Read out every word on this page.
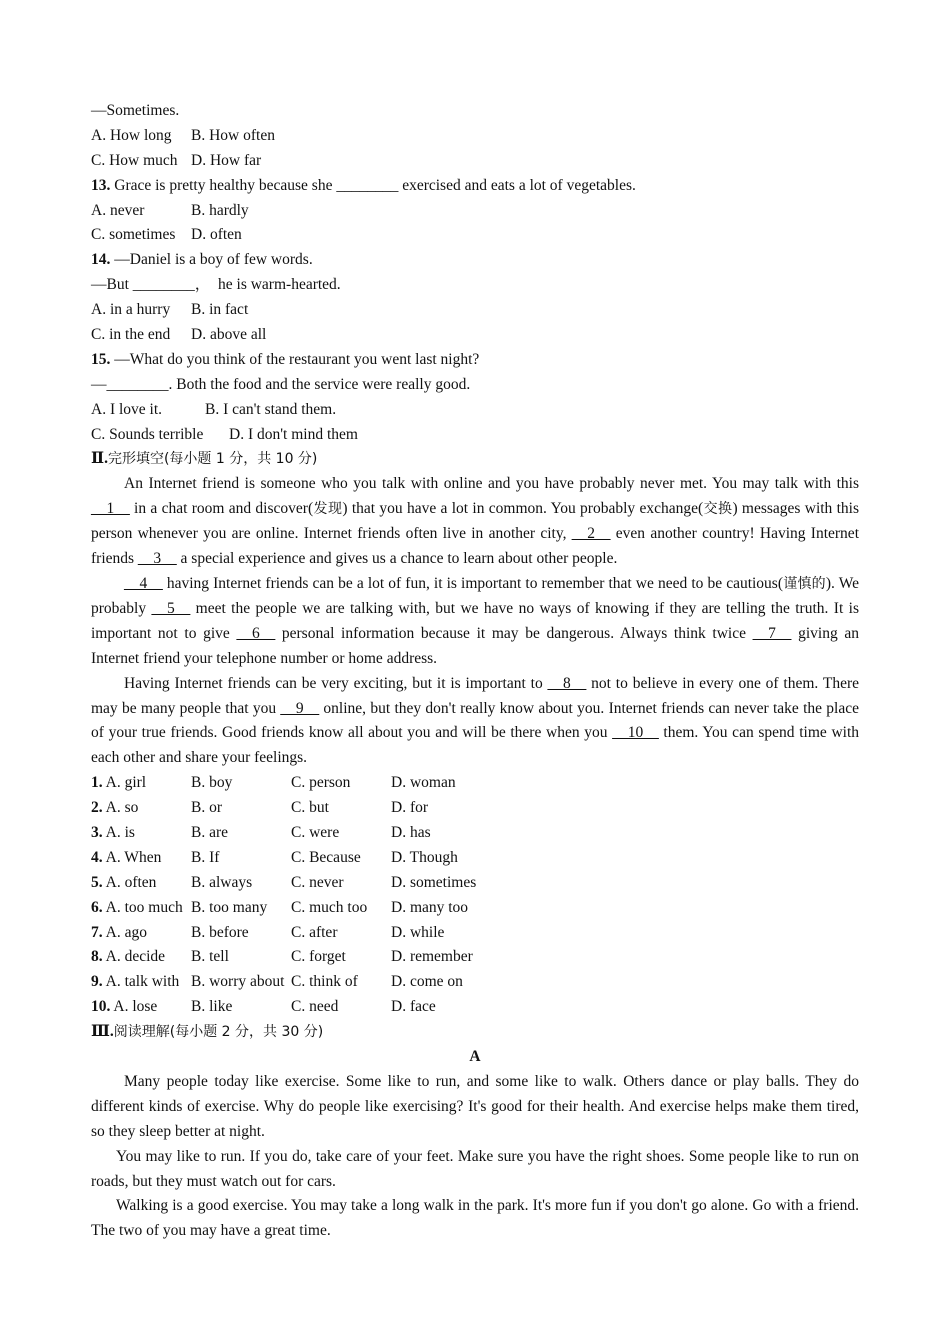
—Sometimes.
A. How long	B. How often
C. How much D. How far
13. Grace is pretty healthy because she ________ exercised and eats a lot of vegetables.
A. never	B. hardly
C. sometimes	D. often
14. —Daniel is a boy of few words.
—But ________，  he is warm-hearted.
A. in a hurry	B. in fact
C. in the end	D. above all
15. —What do you think of the restaurant you went last night?
—________. Both the food and the service were really good.
A. I love it.	B. I can't stand them.
C. Sounds terrible	D. I don't mind them
Ⅱ.完形填空(每小题 1 分，共 10 分)
An Internet friend is someone who you talk with online and you have probably never met. You may talk with this __1__ in a chat room and discover(发现) that you have a lot in common. You probably exchange(交换) messages with this person whenever you are online. Internet friends often live in another city, __2__ even another country! Having Internet friends __3__ a special experience and gives us a chance to learn about other people.
__4__ having Internet friends can be a lot of fun, it is important to remember that we need to be cautious(谨慎的). We probably __5__ meet the people we are talking with, but we have no ways of knowing if they are telling the truth. It is important not to give __6__ personal information because it may be dangerous. Always think twice __7__ giving an Internet friend your telephone number or home address.
Having Internet friends can be very exciting, but it is important to __8__ not to believe in every one of them. There may be many people that you __9__ online, but they don't really know about you. Internet friends can never take the place of your true friends. Good friends know all about you and will be there when you __10__ them. You can spend time with each other and share your feelings.
1. A. girl	B. boy	C. person	D. woman
2. A. so	B. or	C. but	D. for
3. A. is	B. are	C. were	D. has
4. A. When	B. If	C. Because	D. Though
5. A. often	B. always	C. never	D. sometimes
6. A. too much B. too many	C. much too	D. many too
7. A. ago	B. before	C. after	D. while
8. A. decide	B. tell	C. forget	D. remember
9. A. talk with B. worry about C. think of	D. come on
10. A. lose	B. like	C. need	D. face
Ⅲ.阅读理解(每小题 2 分，共 30 分)
A
Many people today like exercise. Some like to run, and some like to walk. Others dance or play balls. They do different kinds of exercise. Why do people like exercising? It's good for their health. And exercise helps make them tired, so they sleep better at night.
You may like to run. If you do, take care of your feet. Make sure you have the right shoes. Some people like to run on roads, but they must watch out for cars.
Walking is a good exercise. You may take a long walk in the park. It's more fun if you don't go alone. Go with a friend. The two of you may have a great time.
